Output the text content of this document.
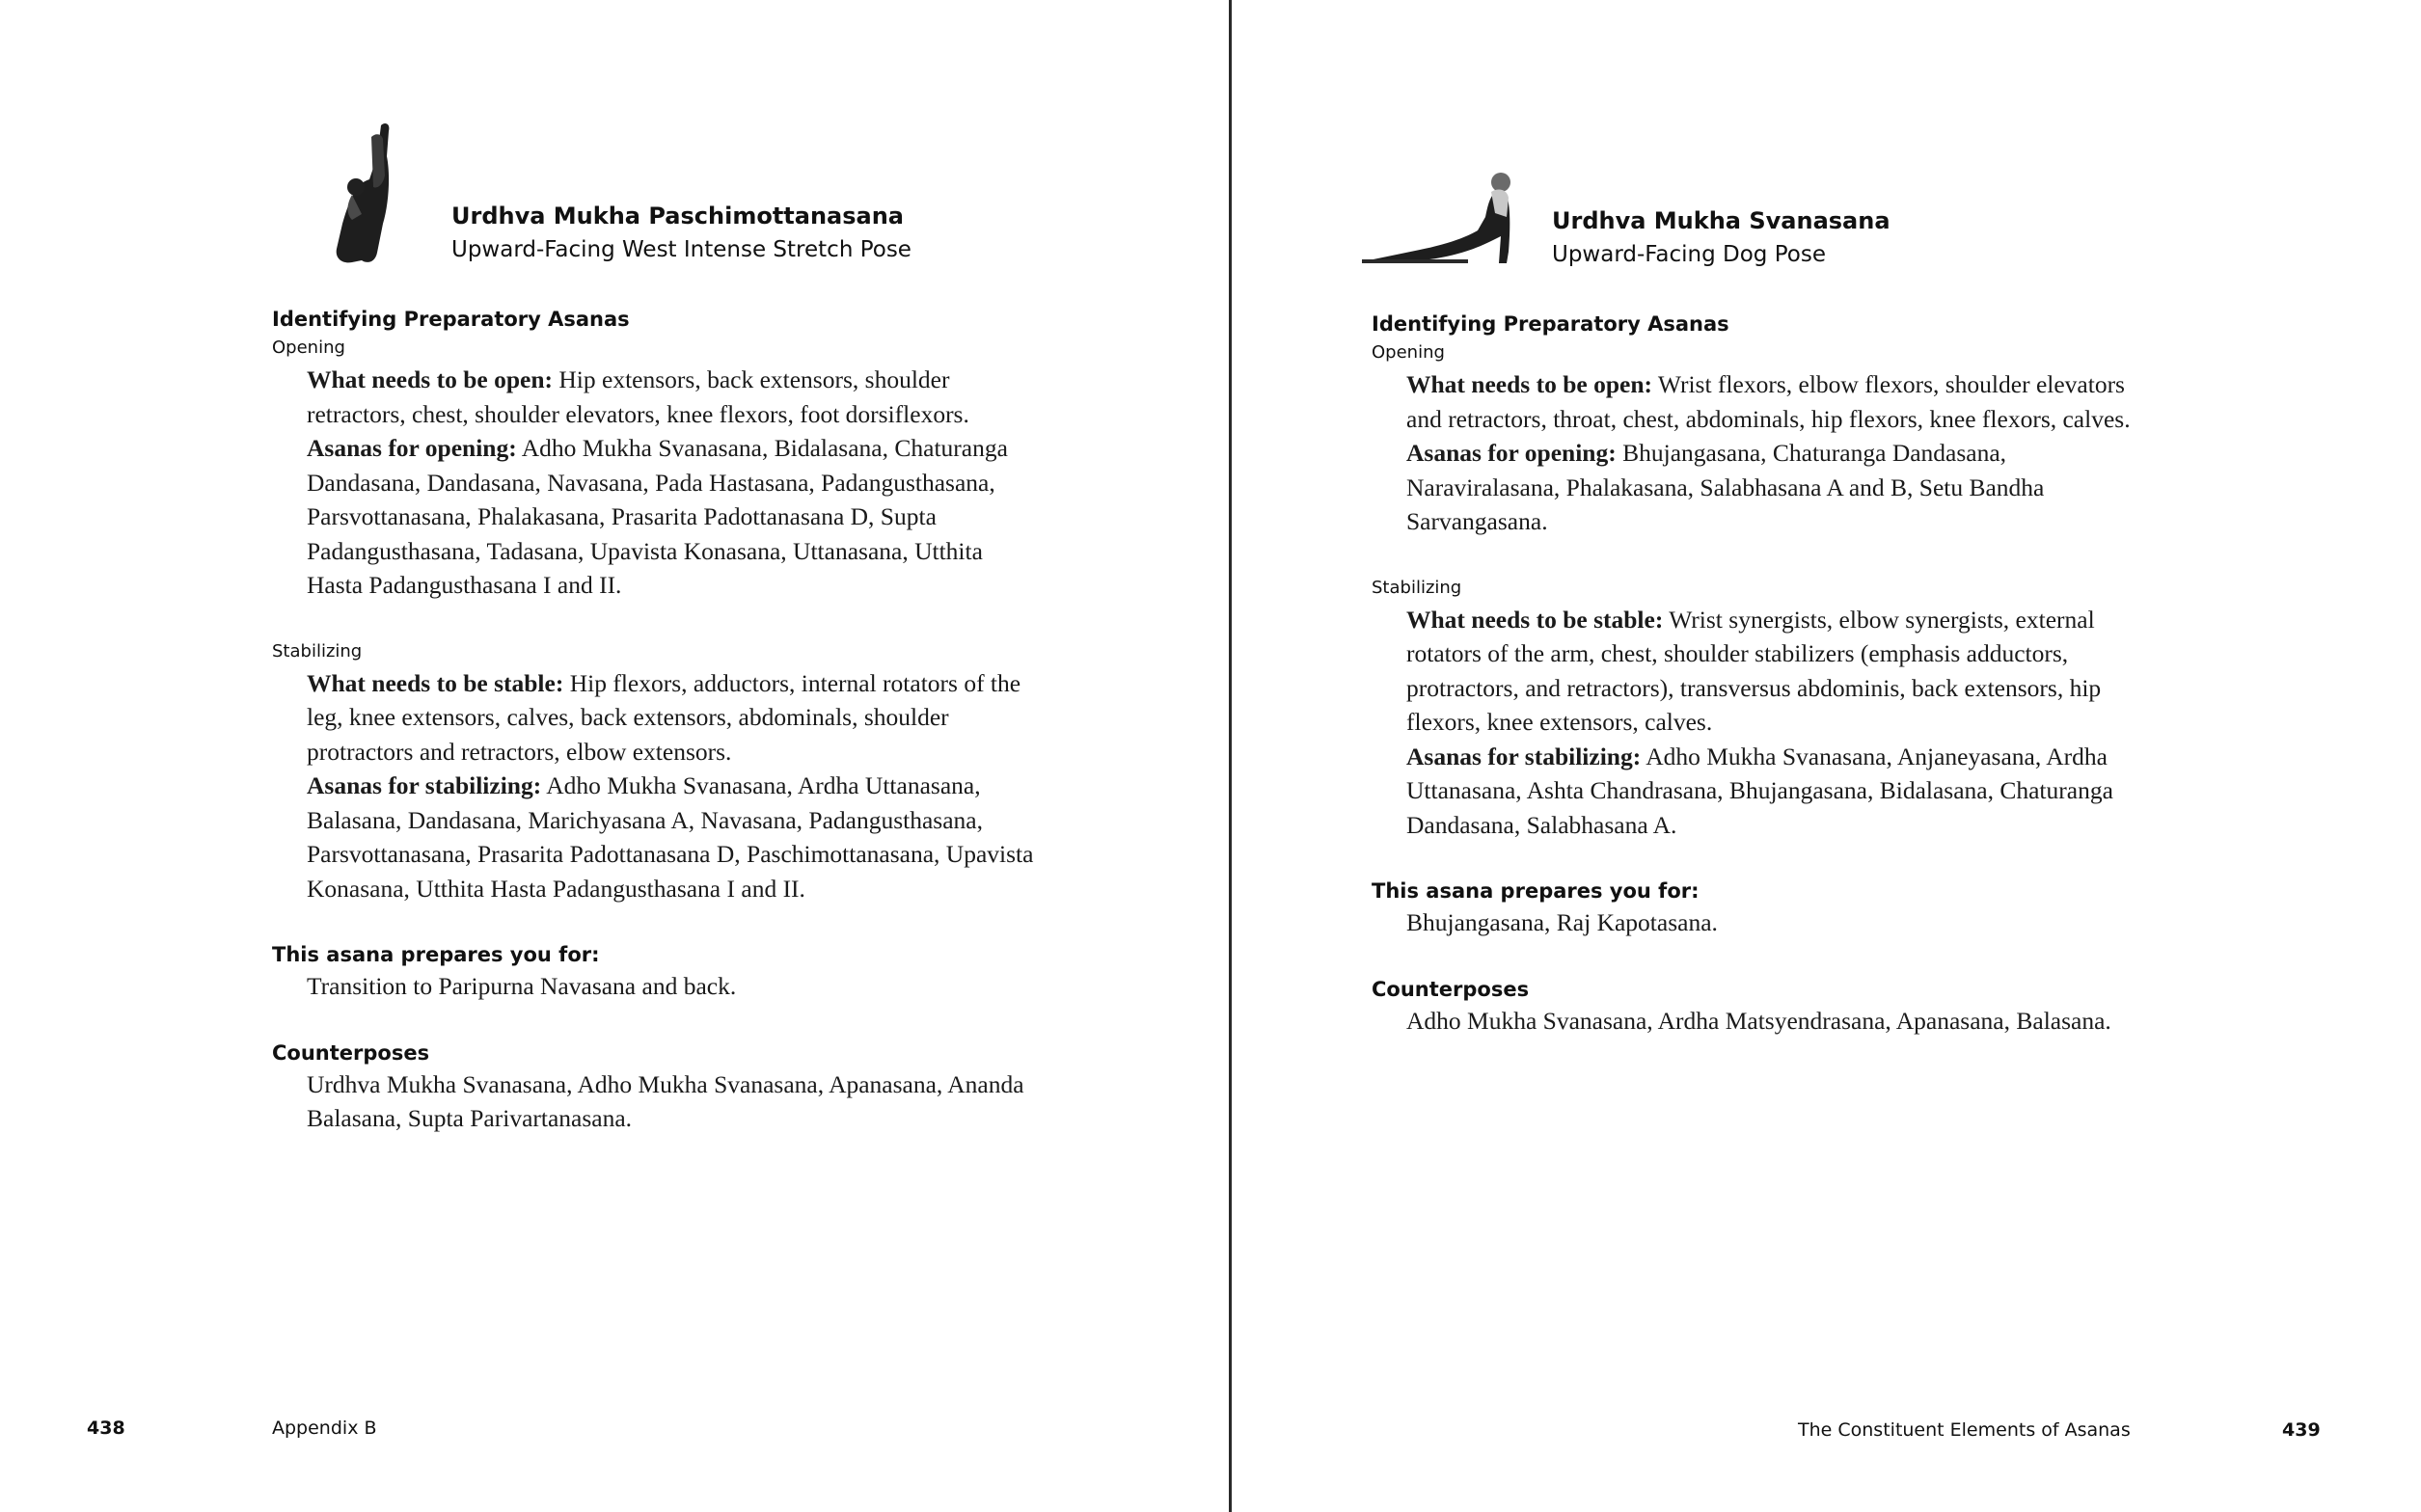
Urdhva Mukha Paschimottanasana
Upward-Facing West Intense Stretch Pose

Identifying Preparatory Asanas

Opening

What needs to be open: Hip extensors, back extensors, shoulder retractors, chest, shoulder elevators, knee flexors, foot dorsiflexors.

Asanas for opening: Adho Mukha Svanasana, Bidalasana, Chaturanga Dandasana, Dandasana, Navasana, Pada Hastasana, Padangusthasana, Parsvottanasana, Phalakasana, Prasarita Padottanasana D, Supta Padangusthasana, Tadasana, Upavista Konasana, Uttanasana, Utthita Hasta Padangusthasana I and II.

Stabilizing

What needs to be stable: Hip flexors, adductors, internal rotators of the leg, knee extensors, calves, back extensors, abdominals, shoulder protractors and retractors, elbow extensors.

Asanas for stabilizing: Adho Mukha Svanasana, Ardha Uttanasana, Balasana, Dandasana, Marichyasana A, Navasana, Padangusthasana, Parsvottanasana, Prasarita Padottanasana D, Paschimottanasana, Upavista Konasana, Utthita Hasta Padangusthasana I and II.

This asana prepares you for:

Transition to Paripurna Navasana and back.

Counterposes

Urdhva Mukha Svanasana, Adho Mukha Svanasana, Apanasana, Ananda Balasana, Supta Parivartanasana.

438	Appendix B
Urdhva Mukha Svanasana
Upward-Facing Dog Pose

Identifying Preparatory Asanas

Opening

What needs to be open: Wrist flexors, elbow flexors, shoulder elevators and retractors, throat, chest, abdominals, hip flexors, knee flexors, calves.

Asanas for opening: Bhujangasana, Chaturanga Dandasana, Naraviralasana, Phalakasana, Salabhasana A and B, Setu Bandha Sarvangasana.

Stabilizing

What needs to be stable: Wrist synergists, elbow synergists, external rotators of the arm, chest, shoulder stabilizers (emphasis adductors, protractors, and retractors), transversus abdominis, back extensors, hip flexors, knee extensors, calves.

Asanas for stabilizing: Adho Mukha Svanasana, Anjaneyasana, Ardha Uttanasana, Ashta Chandrasana, Bhujangasana, Bidalasana, Chaturanga Dandasana, Salabhasana A.

This asana prepares you for:

Bhujangasana, Raj Kapotasana.

Counterposes

Adho Mukha Svanasana, Ardha Matsyendrasana, Apanasana, Balasana.

The Constituent Elements of Asanas	439
